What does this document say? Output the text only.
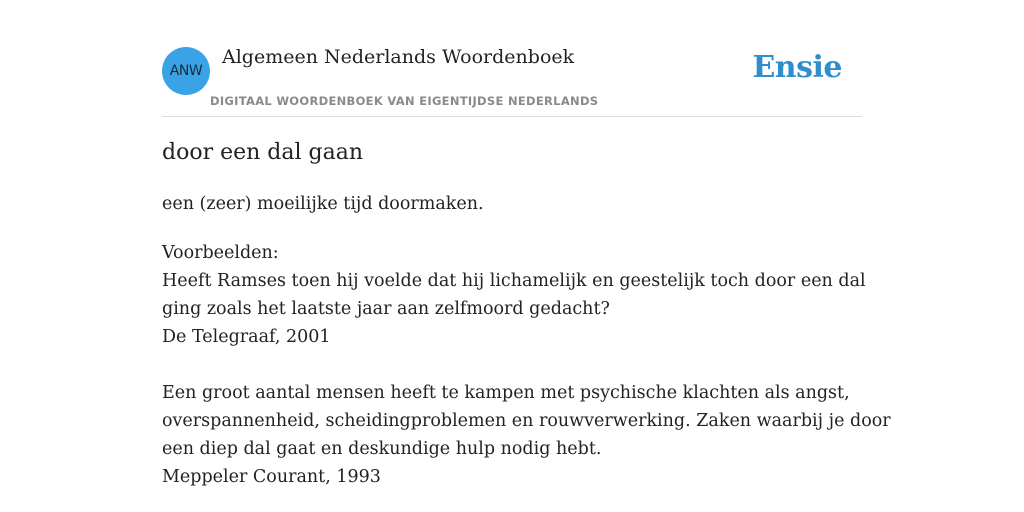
ANW
Algemeen Nederlands Woordenboek
DIGITAAL WOORDENBOEK VAN EIGENTIJDSE NEDERLANDS
Ensie
door een dal gaan
een (zeer) moeilijke tijd doormaken.
Voorbeelden:
Heeft Ramses toen hij voelde dat hij lichamelijk en geestelijk toch door een dal
ging zoals het laatste jaar aan zelfmoord gedacht?
De Telegraaf, 2001
Een groot aantal mensen heeft te kampen met psychische klachten als angst,
overspannenheid, scheidingproblemen en rouwverwerking. Zaken waarbij je door
een diep dal gaat en deskundige hulp nodig hebt.
Meppeler Courant, 1993
